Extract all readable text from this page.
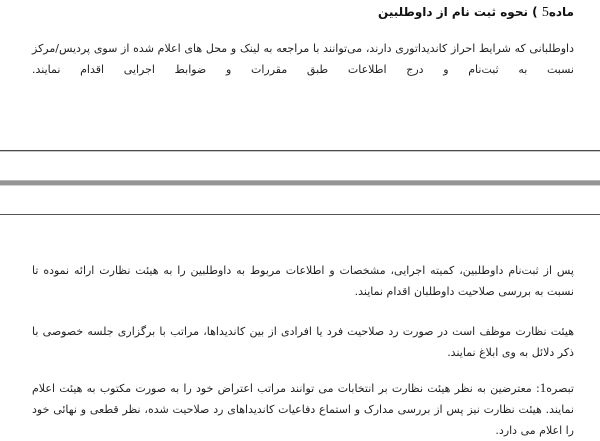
ماده5 ) نحوه ثبت نام از داوطلبین
داوطلبانی که شرایط احراز کاندیداتوری دارند، می‌توانند با مراجعه به لینک و محل های اعلام شده از سوی پردیس/مرکز نسبت به ثبت‌نام و درج اطلاعات طبق مقررات و ضوابط اجرایی اقدام نمایند.
پس از ثبت‌نام داوطلبین، کمیته اجرایی، مشخصات و اطلاعات مربوط به داوطلبین را به هیئت نظارت ارائه نموده تا نسبت به بررسی صلاحیت داوطلبان اقدام نمایند.
هیئت نظارت موظف است در صورت رد صلاحیت فرد یا افرادی از بین کاندیداها، مراتب با برگزاری جلسه خصوصی با ذکر دلائل به وی ابلاغ نمایند.
تبصره1: معترضین به نظر هیئت نظارت بر انتخابات می توانند مراتب اعتراض خود را به صورت مکتوب به هیئت اعلام نمایند. هیئت نظارت نیز پس از بررسی مدارک و استماع دفاعیات کاندیداهای رد صلاحیت شده، نظر قطعی و نهائی خود را اعلام می دارد.
